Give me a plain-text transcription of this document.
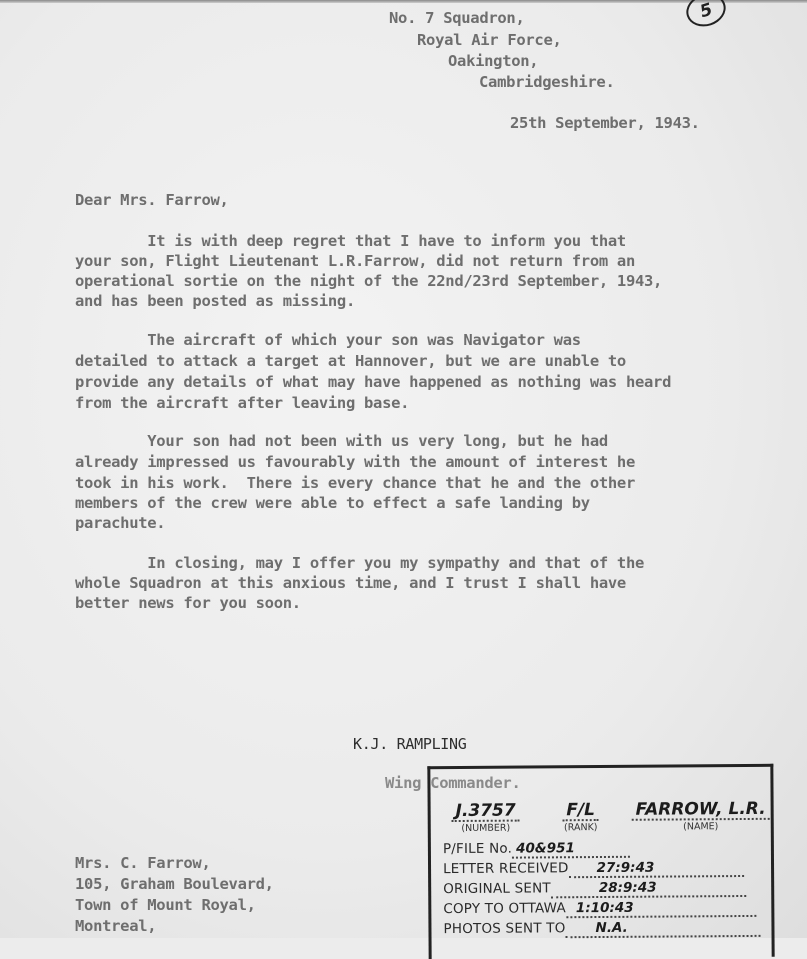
5
No. 7 Squadron,
Royal Air Force,
Oakington,
Cambridgeshire.
25th September, 1943.
Dear Mrs. Farrow,
It is with deep regret that I have to inform you that
your son, Flight Lieutenant L.R.Farrow, did not return from an
operational sortie on the night of the 22nd/23rd September, 1943,
and has been posted as missing.
The aircraft of which your son was Navigator was
detailed to attack a target at Hannover, but we are unable to
provide any details of what may have happened as nothing was heard
from the aircraft after leaving base.
Your son had not been with us very long, but he had
already impressed us favourably with the amount of interest he
took in his work.  There is every chance that he and the other
members of the crew were able to effect a safe landing by
parachute.
In closing, may I offer you my sympathy and that of the
whole Squadron at this anxious time, and I trust I shall have
better news for you soon.
K.J. RAMPLING
Wing Commander.
Mrs. C. Farrow,
105, Graham Boulevard,
Town of Mount Royal,
Montreal,
J.3757
(NUMBER)
F/L
(RANK)
FARROW, L.R.
(NAME)
P/FILE No. 40&951
LETTER RECEIVED 27:9:43
ORIGINAL SENT	28:9:43
COPY TO OTTAWA 1:10:43
PHOTOS SENT TO N.A.
